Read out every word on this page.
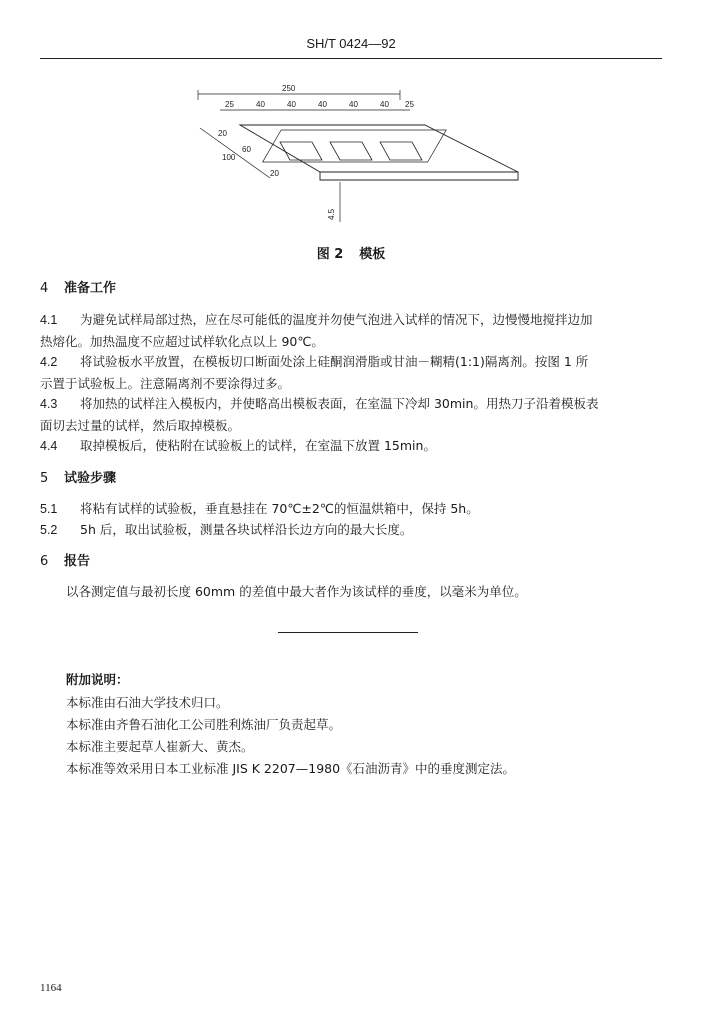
SH/T 0424—92
250
25	40	40	40	40	40 25
20
60
100
20
4.5
图 2 模板
4 准备工作
4.1 为避免试样局部过热，应在尽可能低的温度并勿使气泡进入试样的情况下，边慢慢地搅拌边加
热熔化。加热温度不应超过试样软化点以上 90℃。
4.2 将试验板水平放置，在模板切口断面处涂上硅酮润滑脂或甘油－糊精(1:1)隔离剂。按图 1 所
示置于试验板上。注意隔离剂不要涂得过多。
4.3 将加热的试样注入模板内，并使略高出模板表面，在室温下冷却 30min。用热刀子沿着模板表
面切去过量的试样，然后取掉模板。
4.4 取掉模板后，使粘附在试验板上的试样，在室温下放置 15min。
5 试验步骤
5.1 将粘有试样的试验板，垂直悬挂在 70℃±2℃的恒温烘箱中，保持 5h。
5.2 5h 后，取出试验板，测量各块试样沿长边方向的最大长度。
6 报告
以各测定值与最初长度 60mm 的差值中最大者作为该试样的垂度，以毫米为单位。
附加说明：
本标准由石油大学技术归口。
本标准由齐鲁石油化工公司胜利炼油厂负责起草。
本标准主要起草人崔新大、黄杰。
本标准等效采用日本工业标准 JIS K 2207—1980《石油沥青》中的垂度测定法。
1164
